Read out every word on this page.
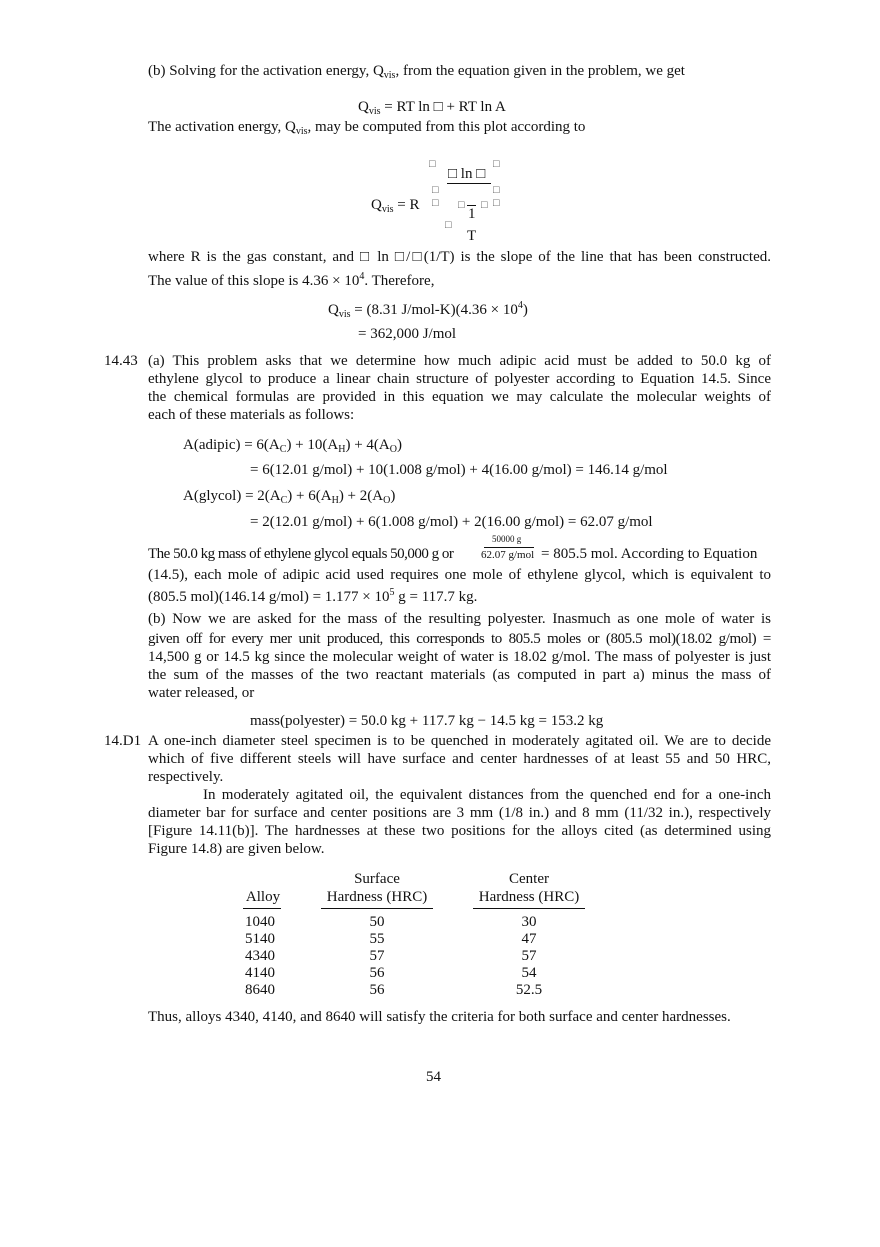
(b) Solving for the activation energy, $Q_{vis}$, from the equation given in the problem, we get
$Q_{vis}$ = RT ln □ + RT ln A
The activation energy, $Q_{vis}$, may be computed from this plot according to
□	□
□ ln □
$Q_{vis} = R$
□
□
□
□
□ □
1
□
T
where R is the gas constant, and □ ln □/□(1/T) is the slope of the line that has been constructed.
The value of this slope is $4.36 \times 10^4$. Therefore,
$Q_{vis} = (8.31$ $J/mol-K)(4.36 \times 10^4)$
= 362,000 J/mol
14.43 (a) This problem asks that we determine how much adipic acid must be added to 50.0 kg of
ethylene glycol to produce a linear chain structure of polyester according to Equation 14.5. Since
the chemical formulas are provided in this equation we may calculate the molecular weights of
each of these materials as follows:
A(adipic) = $6(A_C) + 10(A_H) + 4(A_O)$
= 6(12.01 g/mol) + 10(1.008 g/mol) + 4(16.00 g/mol) = 146.14 g/mol
A(glycol) = $2(A_C) + 6(A_H) + 2(A_O)$
= 2(12.01 g/mol) + 6(1.008 g/mol) + 2(16.00 g/mol) = 62.07 g/mol
The 50.0 kg mass of ethylene glycol equals 50,000 g or
50000 g
62.07 g/mol = 805.5 mol. According to Equation
(14.5), each mole of adipic acid used requires one mole of ethylene glycol, which is equivalent to
(805.5 mol)(146.14 $g/mol) = 1.177 \times 10^5$ g = 117.7 kg.
(b) Now we are asked for the mass of the resulting polyester. Inasmuch as one mole of water is
given off for every mer unit produced, this corresponds to 805.5 moles or (805.5 mol)(18.02 g/mol) =
14,500 g or 14.5 kg since the molecular weight of water is 18.02 g/mol. The mass of polyester is just
the sum of the masses of the two reactant materials (as computed in part a) minus the mass of
water released, or
mass(polyester) = 50.0 kg + 117.7 kg − 14.5 kg = 153.2 kg
14.D1 A one-inch diameter steel specimen is to be quenched in moderately agitated oil. We are to decide
which of five different steels will have surface and center hardnesses of at least 55 and 50 HRC,
respectively.
In moderately agitated oil, the equivalent distances from the quenched end for a one-inch
diameter bar for surface and center positions are 3 mm (1/8 in.) and 8 mm (11/32 in.), respectively
[Figure 14.11(b)]. The hardnesses at these two positions for the alloys cited (as determined using
Figure 14.8) are given below.
Surface	Center
Alloy	Hardness (HRC)	Hardness (HRC)
1040	50	30
5140	55	47
4340	57	57
4140	56	54
8640	56	52.5
Thus, alloys 4340, 4140, and 8640 will satisfy the criteria for both surface and center hardnesses.
54
